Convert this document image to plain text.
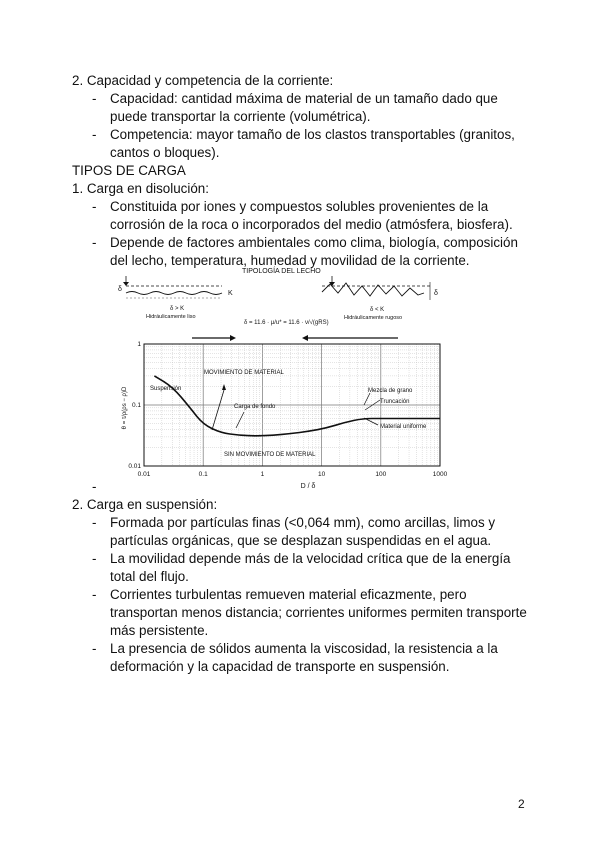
2. Capacidad y competencia de la corriente:
- Capacidad: cantidad máxima de material de un tamaño dado que
puede transportar la corriente (volumétrica).
- Competencia: mayor tamaño de los clastos transportables (granitos,
cantos o bloques).
TIPOS DE CARGA
1. Carga en disolución:
- Constituida por iones y compuestos solubles provenientes de la
corrosión de la roca o incorporados del medio (atmósfera, biosfera).
- Depende de factores ambientales como clima, biología, composición
del lecho, temperatura, humedad y movilidad de la corriente.
TIPOLOGÍA DEL LECHO
δ
K
δ > K
Hidráulicamente liso
δ
δ < K
Hidráulicamente rugoso
δ = 11.6 · μ/u* = 11.6 · ν/√(gRS)
MOVIMIENTO DE MATERIAL
Suspensión
Carga de fondo
Mezcla de grano
Truncación
Material uniforme
SIN MOVIMIENTO DE MATERIAL
1
0.1
0.01
0.1	1	10	100	1000
0.01
θ = τ/ρ(ρs − ρ)D
D / δ
-
2. Carga en suspensión:
- Formada por partículas finas (<0,064 mm), como arcillas, limos y
partículas orgánicas, que se desplazan suspendidas en el agua.
- La movilidad depende más de la velocidad crítica que de la energía
total del flujo.
- Corrientes turbulentas remueven material eficazmente, pero
transportan menos distancia; corrientes uniformes permiten transporte
más persistente.
- La presencia de sólidos aumenta la viscosidad, la resistencia a la
deformación y la capacidad de transporte en suspensión.
2
